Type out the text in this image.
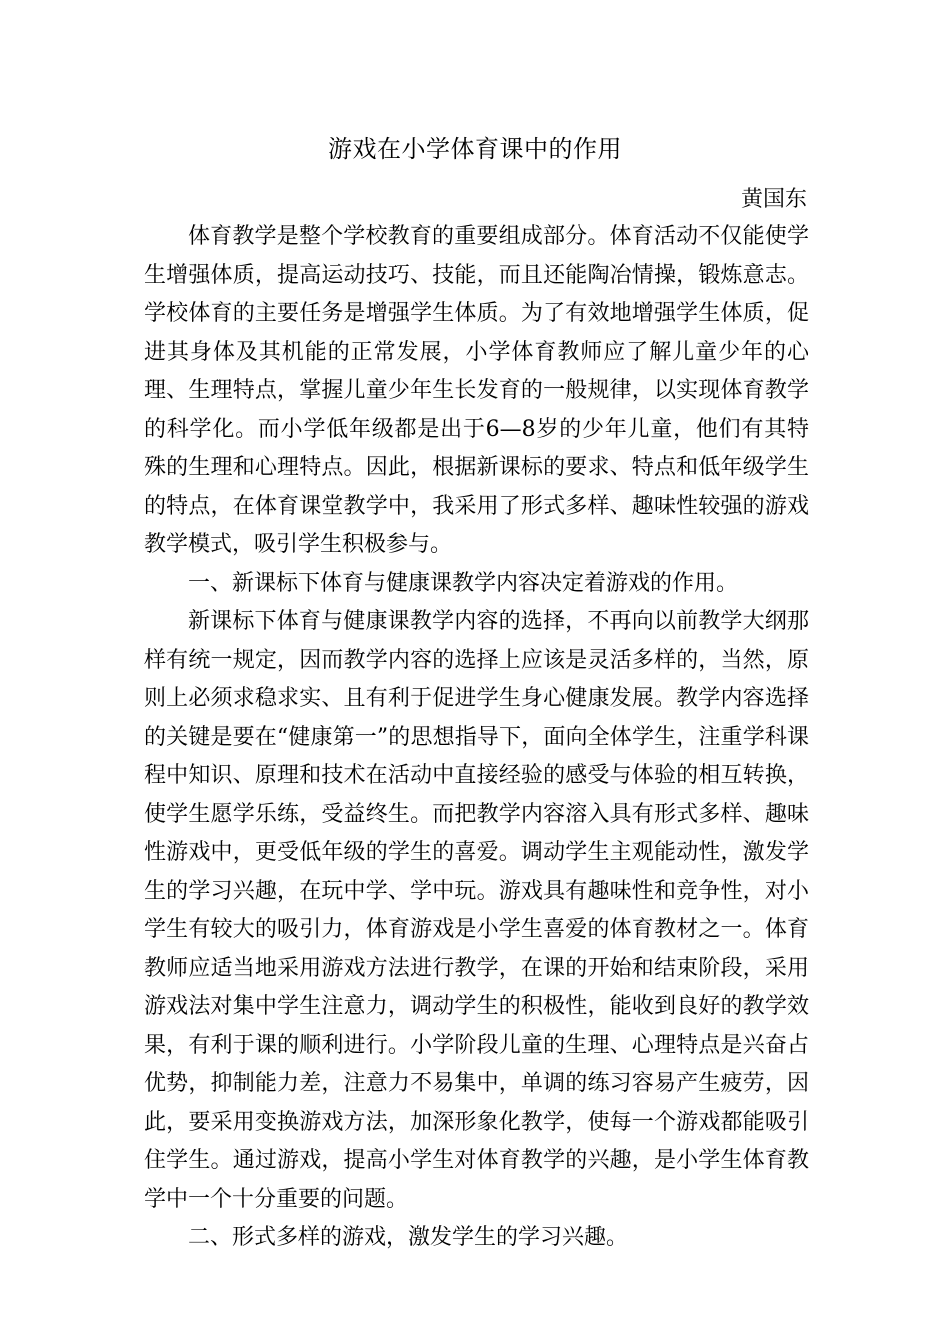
游戏在小学体育课中的作用
黄国东

体育教学是整个学校教育的重要组成部分。体育活动不仅能使学生增强体质，提高运动技巧、技能，而且还能陶冶情操，锻炼意志。学校体育的主要任务是增强学生体质。为了有效地增强学生体质，促进其身体及其机能的正常发展，小学体育教师应了解儿童少年的心理、生理特点，掌握儿童少年生长发育的一般规律，以实现体育教学的科学化。而小学低年级都是出于6—8岁的少年儿童，他们有其特殊的生理和心理特点。因此，根据新课标的要求、特点和低年级学生的特点，在体育课堂教学中，我采用了形式多样、趣味性较强的游戏教学模式，吸引学生积极参与。

一、新课标下体育与健康课教学内容决定着游戏的作用。

新课标下体育与健康课教学内容的选择，不再向以前教学大纲那样有统一规定，因而教学内容的选择上应该是灵活多样的，当然，原则上必须求稳求实、且有利于促进学生身心健康发展。教学内容选择的关键是要在“健康第一”的思想指导下，面向全体学生，注重学科课程中知识、原理和技术在活动中直接经验的感受与体验的相互转换，使学生愿学乐练，受益终生。而把教学内容溶入具有形式多样、趣味性游戏中，更受低年级的学生的喜爱。调动学生主观能动性，激发学生的学习兴趣，在玩中学、学中玩。游戏具有趣味性和竞争性，对小学生有较大的吸引力，体育游戏是小学生喜爱的体育教材之一。体育教师应适当地采用游戏方法进行教学，在课的开始和结束阶段，采用游戏法对集中学生注意力，调动学生的积极性，能收到良好的教学效果，有利于课的顺利进行。小学阶段儿童的生理、心理特点是兴奋占优势，抑制能力差，注意力不易集中，单调的练习容易产生疲劳，因此，要采用变换游戏方法，加深形象化教学，使每一个游戏都能吸引住学生。通过游戏，提高小学生对体育教学的兴趣，是小学生体育教学中一个十分重要的问题。

二、形式多样的游戏，激发学生的学习兴趣。
